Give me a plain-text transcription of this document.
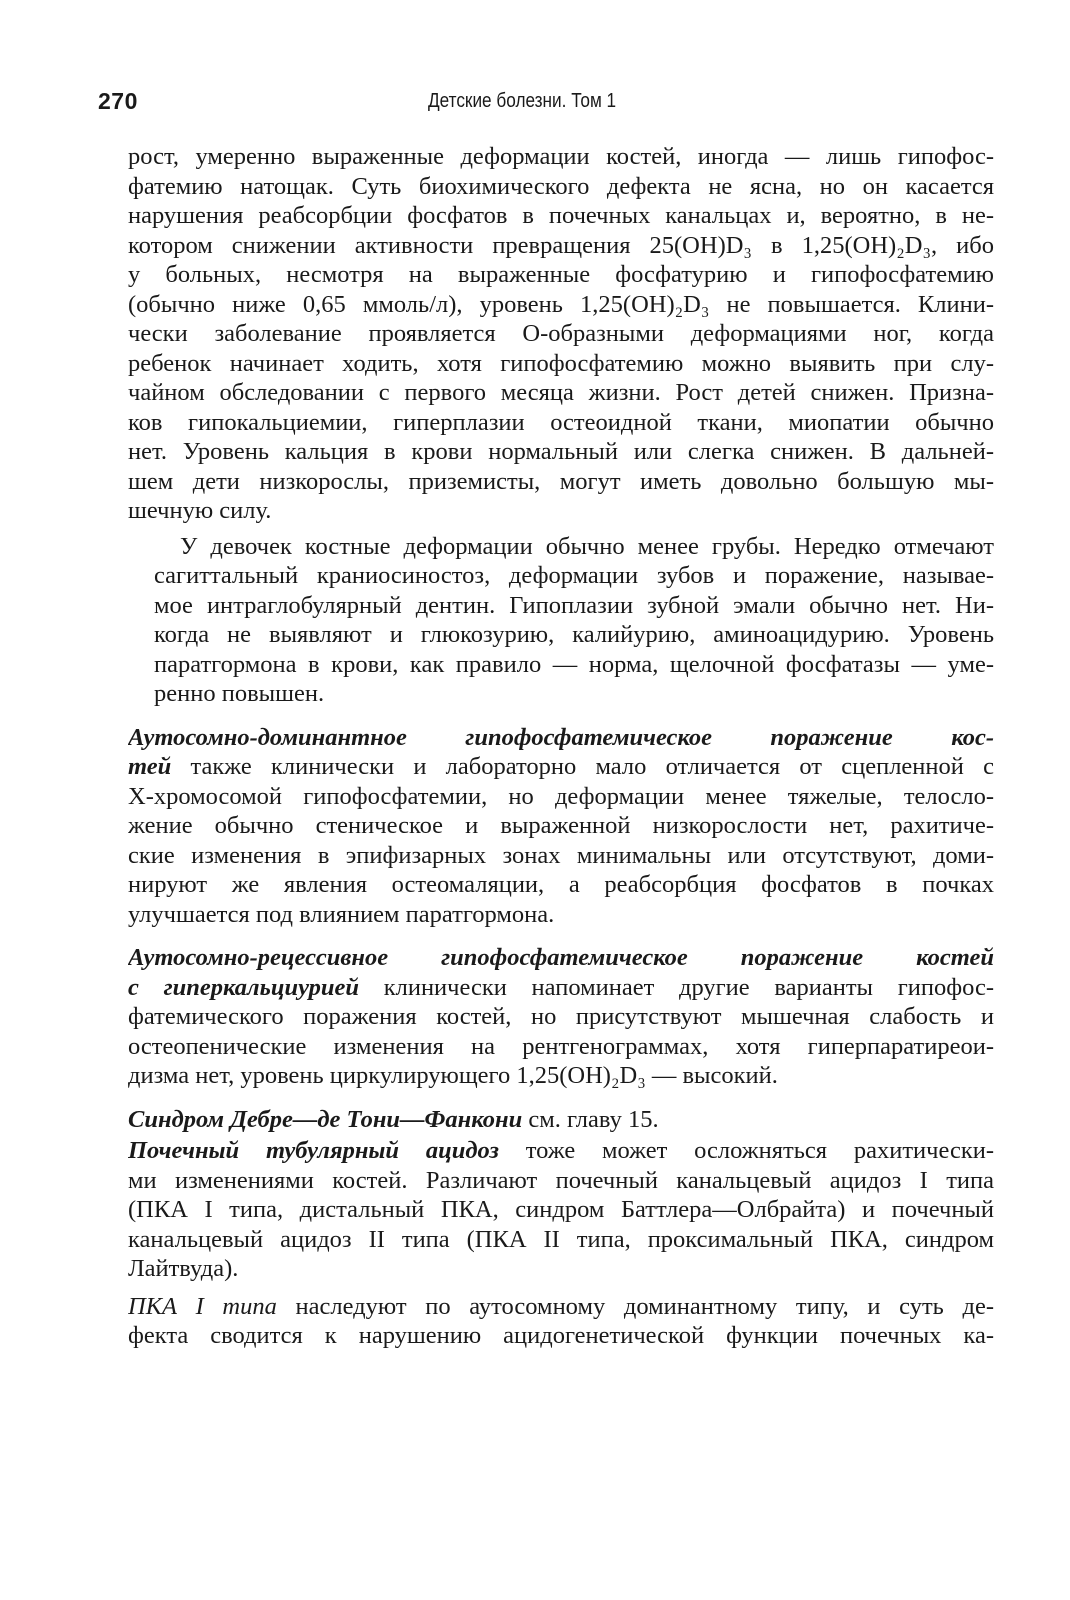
270	Детские болезни. Том 1

рост, умеренно выраженные деформации костей, иногда — лишь гипофос-
фатемию натощак. Суть биохимического дефекта не ясна, но он касается
нарушения реабсорбции фосфатов в почечных канальцах и, вероятно, в не-
котором снижении активности превращения 25(ОН)D₃ в 1,25(ОН)₂D₃, ибо
у больных, несмотря на выраженные фосфатурию и гипофосфатемию
(обычно ниже 0,65 ммоль/л), уровень 1,25(ОН)₂D₃ не повышается. Клини-
чески заболевание проявляется О-образными деформациями ног, когда
ребенок начинает ходить, хотя гипофосфатемию можно выявить при слу-
чайном обследовании с первого месяца жизни. Рост детей снижен. Призна-
ков гипокальциемии, гиперплазии остеоидной ткани, миопатии обычно
нет. Уровень кальция в крови нормальный или слегка снижен. В дальней-
шем дети низкорослы, приземисты, могут иметь довольно большую мы-
шечную силу.

У девочек костные деформации обычно менее грубы. Нередко отмечают
сагиттальный краниосиностоз, деформации зубов и поражение, называе-
мое интраглобулярный дентин. Гипоплазии зубной эмали обычно нет. Ни-
когда не выявляют и глюкозурию, калийурию, аминоацидурию. Уровень
паратгормона в крови, как правило — норма, щелочной фосфатазы — уме-
ренно повышен.

Аутосомно-доминантное гипофосфатемическое поражение кос-
тей также клинически и лабораторно мало отличается от сцепленной с
Х-хромосомой гипофосфатемии, но деформации менее тяжелые, телосло-
жение обычно стеническое и выраженной низкорослости нет, рахитиче-
ские изменения в эпифизарных зонах минимальны или отсутствуют, доми-
нируют же явления остеомаляции, а реабсорбция фосфатов в почках
улучшается под влиянием паратгормона.

Аутосомно-рецессивное гипофосфатемическое поражение костей
с гиперкальциурией клинически напоминает другие варианты гипофос-
фатемического поражения костей, но присутствуют мышечная слабость и
остеопенические изменения на рентгенограммах, хотя гиперпаратиреои-
дизма нет, уровень циркулирующего 1,25(ОН)₂D₃ — высокий.

Синдром Дебре—де Тони—Фанкони см. главу 15.

Почечный тубулярный ацидоз тоже может осложняться рахитически-
ми изменениями костей. Различают почечный канальцевый ацидоз I типа
(ПКА I типа, дистальный ПКА, синдром Баттлера—Олбрайта) и почечный
канальцевый ацидоз II типа (ПКА II типа, проксимальный ПКА, синдром
Лайтвуда).

ПКА I типа наследуют по аутосомному доминантному типу, и суть де-
фекта сводится к нарушению ацидогенетической функции почечных ка-
